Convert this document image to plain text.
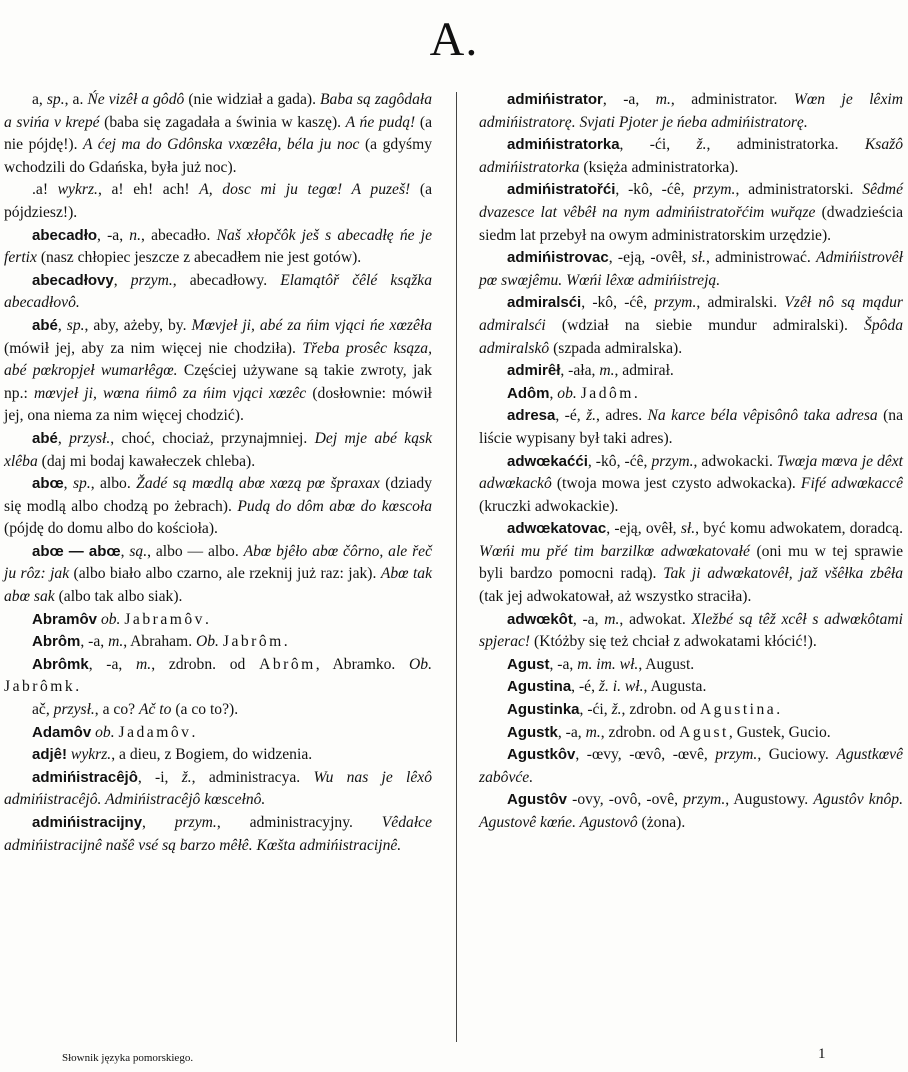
A.

a, sp., a. Ńe vizêł a gôdô (nie widział a gada). Baba są zagôdała a svińa v krepé (baba się zagadała a świnia w kaszę). A ńe pudą! (a nie pójdę!). A ćej ma do Gdônska vxœzêła, béla ju noc (a gdyśmy wchodzili do Gdańska, była już noc).

.a! wykrz., a! eh! ach! A, dosc mi ju tegœ! A puzeš! (a pójdziesz!).

abecadło, -a, n., abecadło. Naš xłopčôk ješ s abecadłę ńe je fertix (nasz chłopiec jeszcze z abecadłem nie jest gotów).

abecadłovy, przym., abecadłowy. Elamątôř čêlé ksąžka abecadłovô.

abé, sp., aby, ażeby, by. Mœvjeł ji, abé za ńim vjąci ńe xœzêła (mówił jej, aby za nim więcej nie chodziła). Třeba prosêc ksąza, abé pœkropjeł wumarłêgœ. Częściej używane są takie zwroty, jak np.: mœvjeł ji, wœna ńimô za ńim vjąci xœzêc (dosłownie: mówił jej, ona niema za nim więcej chodzić).

abé, przysł., choć, chociaż, przynajmniej. Dej mje abé kąsk xlêba (daj mi bodaj kawałeczek chleba).

abœ, sp., albo. Žadé są mœdlą abœ xœzą pœ špraxax (dziady się modlą albo chodzą po żebrach). Pudą do dôm abœ do kœscoła (pójdę do domu albo do kościoła).

abœ — abœ, są., albo — albo. Abœ bjêło abœ čôrno, ale řeč ju rôz: jak (albo biało albo czarno, ale rzeknij już raz: jak). Abœ tak abœ sak (albo tak albo siak).

Abramôv ob. Jabramôv.

Abrôm, -a, m., Abraham. Ob. Jabrôm.

Abrômk, -a, m., zdrobn. od Abrôm, Abramko. Ob. Jabrômk.

ač, przysł., a co? Ač to (a co to?).

Adamôv ob. Jadamôv.

adjê! wykrz., a dieu, z Bogiem, do widzenia.

admińistracêjô, -i, ž., administracya. Wu nas je lêxô admińistracêjô. Admińistracêjô kœscełnô.

admińistracijny, przym., administracyjny. Vêdałce admińistracijnê našê vsé są barzo mêłê. Kœšta admińistracijnê.

admińistrator, -a, m., administrator. Wœn je lêxim admińistratorę. Svjati Pjoter je ńeba admińistratorę.

admińistratorka, -ći, ž., administratorka. Ksažô admińistratorka (księża administratorka).

admińistratořći, -kô, -ćê, przym., administratorski. Sêdmé dvazesce lat vêbêł na nym admińistratořćim wuřąze (dwadzieścia siedm lat przebył na owym administratorskim urzędzie).

admińistrovac, -eją, -ovêł, sł., administrować. Admińistrovêł pœ swœjêmu. Wœńi lêxœ admińistreją.

admiralsći, -kô, -ćê, przym., admiralski. Vzêł nô są mądur admiralsći (wdział na siebie mundur admiralski). Špôda admiralskô (szpada admiralska).

admirêł, -ała, m., admirał.

Adôm, ob. Jadôm.

adresa, -é, ž., adres. Na karce béla vêpisônô taka adresa (na liście wypisany był taki adres).

adwœkaćći, -kô, -ćê, przym., adwokacki. Twœja mœva je dêxt adwœkackô (twoja mowa jest czysto adwokacka). Fifé adwœkaccê (kruczki adwokackie).

adwœkatovac, -eją, ovêł, sł., być komu adwokatem, doradcą. Wœńi mu přé tim barzilkœ adwœkatovałé (oni mu w tej sprawie byli bardzo pomocni radą). Tak ji adwœkatovêł, jaž všêłka zbêła (tak jej adwokatował, aż wszystko straciła).

adwœkôt, -a, m., adwokat. Xležbé są têž xcêł s adwœkôtami spjerac! (Któżby się też chciał z adwokatami kłócić!).

Agust, -a, m. im. wł., August.

Agustina, -é, ž. i. wł., Augusta.

Agustinka, -ći, ž., zdrobn. od Agustina.

Agustk, -a, m., zdrobn. od Agust, Gustek, Gucio.

Agustkôv, -œvy, -œvô, -œvê, przym., Guciowy. Agustkœvê zabôvće.

Agustôv -ovy, -ovô, -ovê, przym., Augustowy. Agustôv knôp. Agustovê kœńe. Agustovô (żona).

Słownik języka pomorskiego.	1
